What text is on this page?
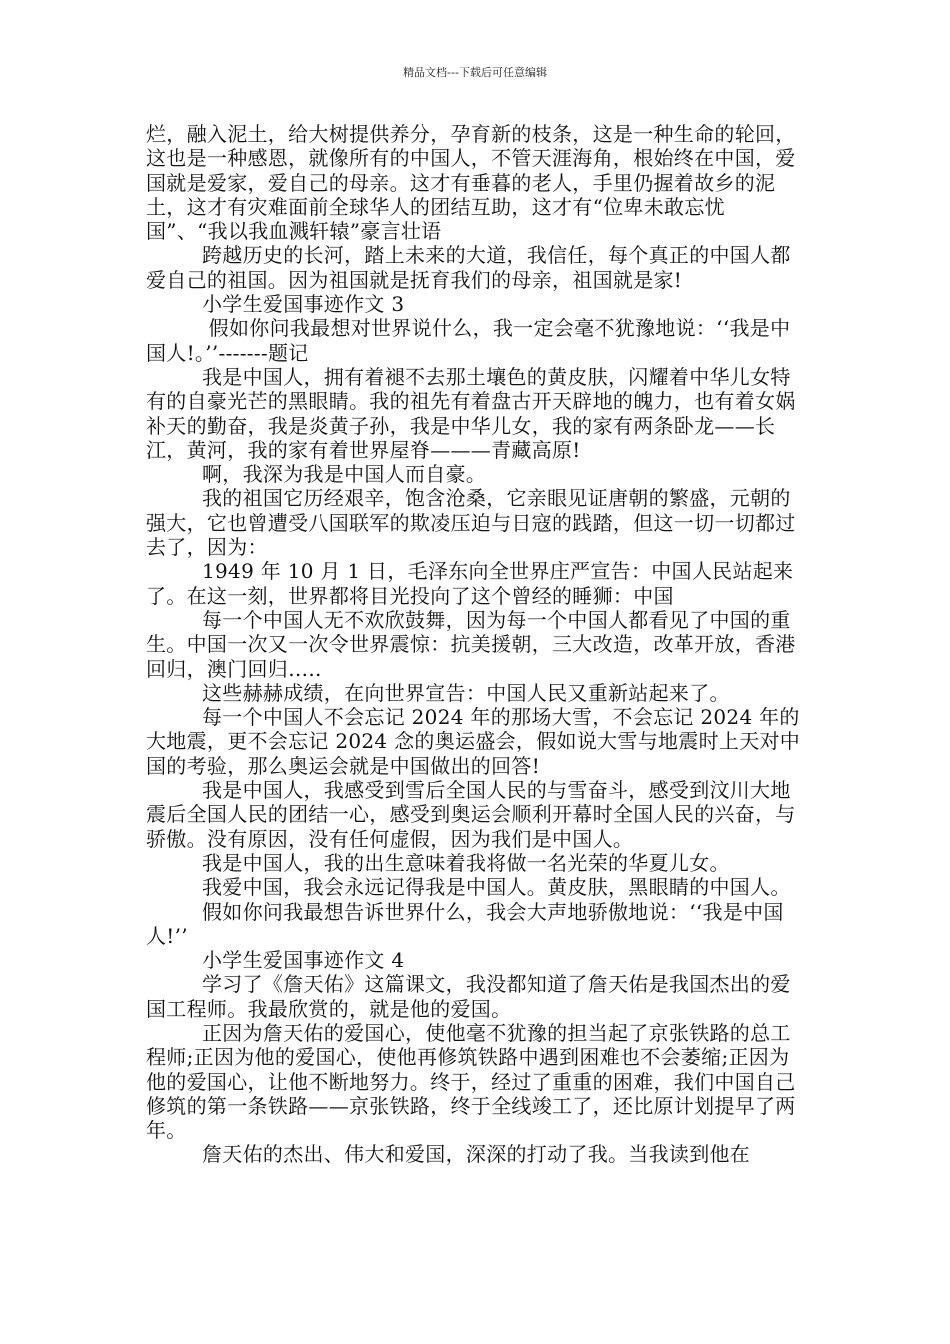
精品文档---下载后可任意编辑

烂，融入泥土，给大树提供养分，孕育新的枝条，这是一种生命的轮回，这也是一种感恩，就像所有的中国人，不管天涯海角，根始终在中国，爱国就是爱家，爱自己的母亲。这才有垂暮的老人，手里仍握着故乡的泥土，这才有灾难面前全球华人的团结互助，这才有“位卑未敢忘忧国”、“我以我血溅轩辕”豪言壮语

跨越历史的长河，踏上未来的大道，我信任，每个真正的中国人都爱自己的祖国。因为祖国就是抚育我们的母亲，祖国就是家!

小学生爱国事迹作文 3

假如你问我最想对世界说什么，我一定会毫不犹豫地说：‘‘我是中国人!。’’-------题记

我是中国人，拥有着褪不去那土壤色的黄皮肤，闪耀着中华儿女特有的自豪光芒的黑眼睛。我的祖先有着盘古开天辟地的魄力，也有着女娲补天的勤奋，我是炎黄子孙，我是中华儿女，我的家有两条卧龙——长江，黄河，我的家有着世界屋脊———青藏高原!

啊，我深为我是中国人而自豪。

我的祖国它历经艰辛，饱含沧桑，它亲眼见证唐朝的繁盛，元朝的强大，它也曾遭受八国联军的欺凌压迫与日寇的践踏，但这一切一切都过去了，因为：

1949 年 10 月 1 日，毛泽东向全世界庄严宣告：中国人民站起来了。在这一刻，世界都将目光投向了这个曾经的睡狮：中国

每一个中国人无不欢欣鼓舞，因为每一个中国人都看见了中国的重生。中国一次又一次令世界震惊：抗美援朝，三大改造，改革开放，香港回归，澳门回归…..

这些赫赫成绩，在向世界宣告：中国人民又重新站起来了。

每一个中国人不会忘记 2024 年的那场大雪，不会忘记 2024 年的大地震，更不会忘记 2024 念的奥运盛会，假如说大雪与地震时上天对中国的考验，那么奥运会就是中国做出的回答!

我是中国人，我感受到雪后全国人民的与雪奋斗，感受到汶川大地震后全国人民的团结一心，感受到奥运会顺利开幕时全国人民的兴奋，与骄傲。没有原因，没有任何虚假，因为我们是中国人。

我是中国人，我的出生意味着我将做一名光荣的华夏儿女。

我爱中国，我会永远记得我是中国人。黄皮肤，黑眼睛的中国人。

假如你问我最想告诉世界什么，我会大声地骄傲地说：‘‘我是中国人!’’

小学生爱国事迹作文 4

学习了《詹天佑》这篇课文，我没都知道了詹天佑是我国杰出的爱国工程师。我最欣赏的，就是他的爱国。

正因为詹天佑的爱国心，使他毫不犹豫的担当起了京张铁路的总工程师;正因为他的爱国心，使他再修筑铁路中遇到困难也不会萎缩;正因为他的爱国心，让他不断地努力。终于，经过了重重的困难，我们中国自己修筑的第一条铁路——京张铁路，终于全线竣工了，还比原计划提早了两年。

詹天佑的杰出、伟大和爱国，深深的打动了我。当我读到他在
